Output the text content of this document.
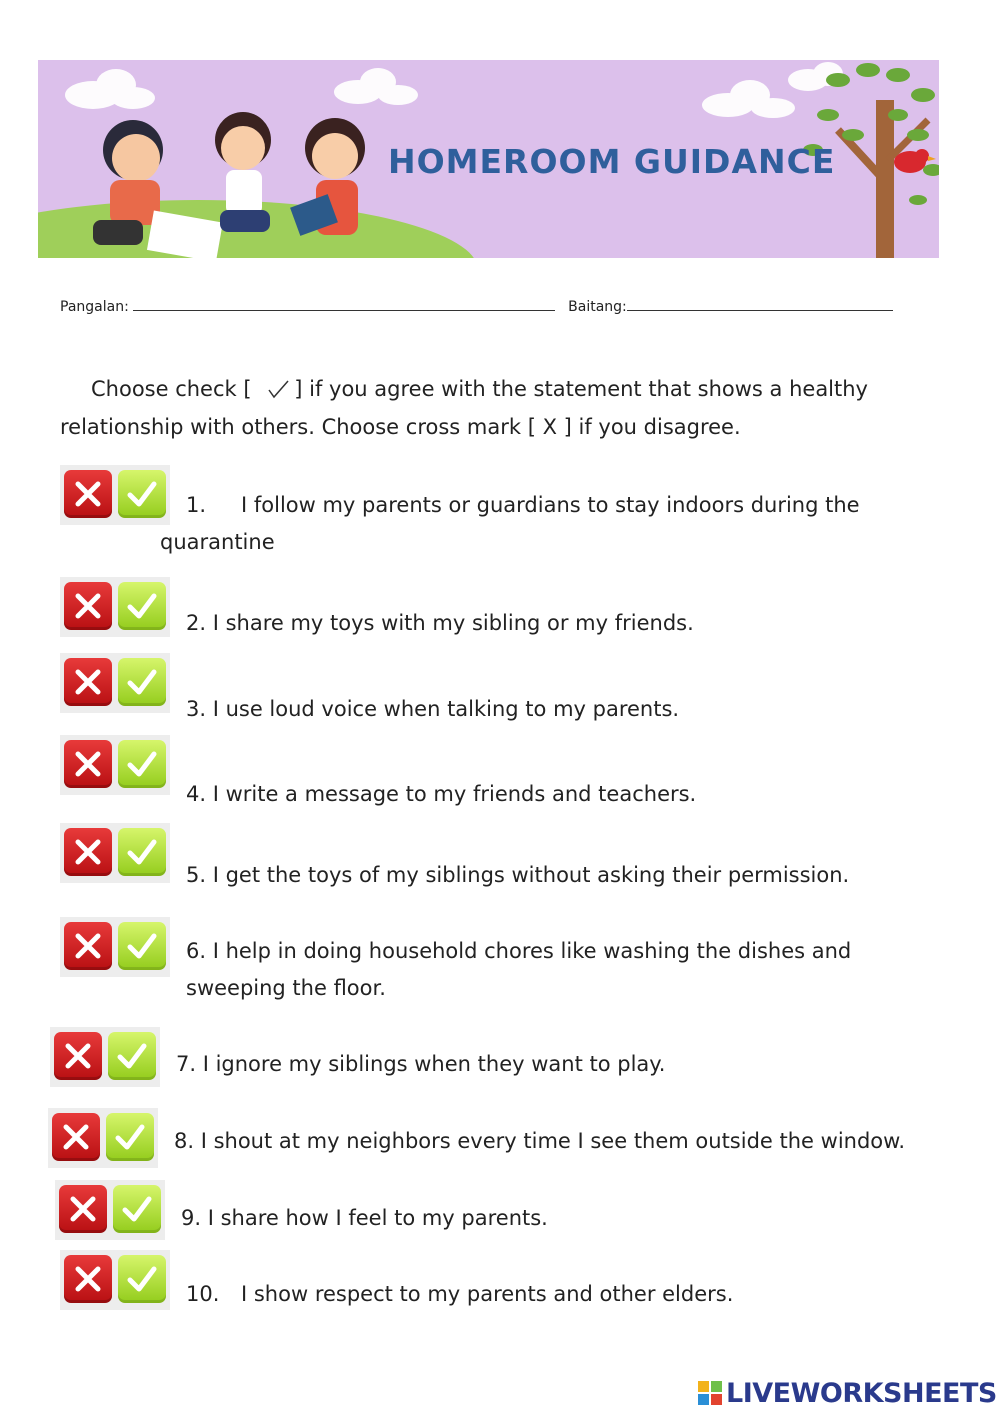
HOMEROOM GUIDANCE
Pangalan:	Baitang:
Choose check [ ] if you agree with the statement that shows a healthy relationship with others. Choose cross mark [ X ] if you disagree.
1. I follow my parents or guardians to stay indoors during the
quarantine
2. I share my toys with my sibling or my friends.
3. I use loud voice when talking to my parents.
4. I write a message to my friends and teachers.
5. I get the toys of my siblings without asking their permission.
6. I help in doing household chores like washing the dishes and
sweeping the floor.
7. I ignore my siblings when they want to play.
8. I shout at my neighbors every time I see them outside the window.
9. I share how I feel to my parents.
10. I show respect to my parents and other elders.
LIVEWORKSHEETS
